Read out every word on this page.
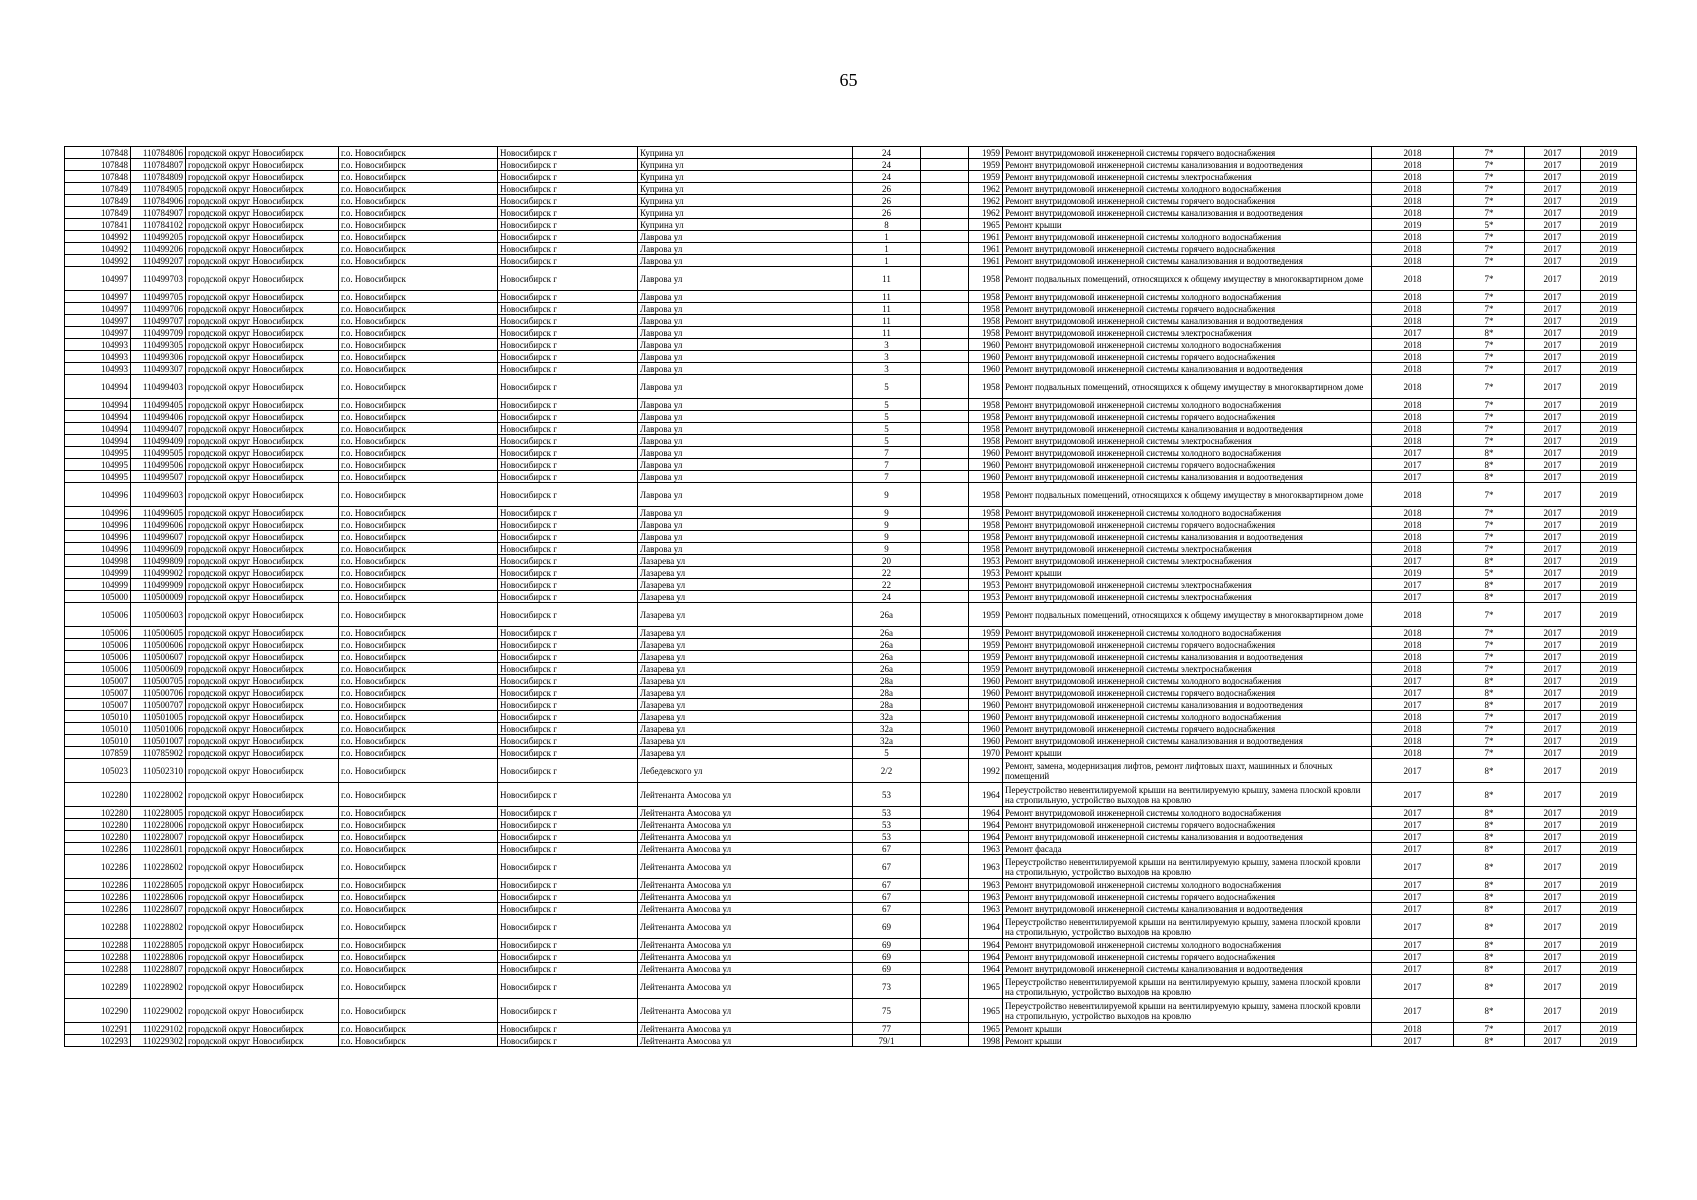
65
107848	110784806	городской округ Новосибирск	г.о. Новосибирск	Новосибирск г	Куприна ул	24		1959	Ремонт внутридомовой инженерной системы горячего водоснабжения	2018	7*	2017	2019
107848	110784807	городской округ Новосибирск	г.о. Новосибирск	Новосибирск г	Куприна ул	24		1959	Ремонт внутридомовой инженерной системы канализования и водоотведения	2018	7*	2017	2019
107848	110784809	городской округ Новосибирск	г.о. Новосибирск	Новосибирск г	Куприна ул	24		1959	Ремонт внутридомовой инженерной системы электроснабжения	2018	7*	2017	2019
107849	110784905	городской округ Новосибирск	г.о. Новосибирск	Новосибирск г	Куприна ул	26		1962	Ремонт внутридомовой инженерной системы холодного водоснабжения	2018	7*	2017	2019
107849	110784906	городской округ Новосибирск	г.о. Новосибирск	Новосибирск г	Куприна ул	26		1962	Ремонт внутридомовой инженерной системы горячего водоснабжения	2018	7*	2017	2019
107849	110784907	городской округ Новосибирск	г.о. Новосибирск	Новосибирск г	Куприна ул	26		1962	Ремонт внутридомовой инженерной системы канализования и водоотведения	2018	7*	2017	2019
107841	110784102	городской округ Новосибирск	г.о. Новосибирск	Новосибирск г	Куприна ул	8		1965	Ремонт крыши	2019	5*	2017	2019
104992	110499205	городской округ Новосибирск	г.о. Новосибирск	Новосибирск г	Лаврова ул	1		1961	Ремонт внутридомовой инженерной системы холодного водоснабжения	2018	7*	2017	2019
104992	110499206	городской округ Новосибирск	г.о. Новосибирск	Новосибирск г	Лаврова ул	1		1961	Ремонт внутридомовой инженерной системы горячего водоснабжения	2018	7*	2017	2019
104992	110499207	городской округ Новосибирск	г.о. Новосибирск	Новосибирск г	Лаврова ул	1		1961	Ремонт внутридомовой инженерной системы канализования и водоотведения	2018	7*	2017	2019
104997	110499703	городской округ Новосибирск	г.о. Новосибирск	Новосибирск г	Лаврова ул	11		1958	Ремонт подвальных помещений, относящихся к общему имуществу в многоквартирном доме	2018	7*	2017	2019
104997	110499705	городской округ Новосибирск	г.о. Новосибирск	Новосибирск г	Лаврова ул	11		1958	Ремонт внутридомовой инженерной системы холодного водоснабжения	2018	7*	2017	2019
104997	110499706	городской округ Новосибирск	г.о. Новосибирск	Новосибирск г	Лаврова ул	11		1958	Ремонт внутридомовой инженерной системы горячего водоснабжения	2018	7*	2017	2019
104997	110499707	городской округ Новосибирск	г.о. Новосибирск	Новосибирск г	Лаврова ул	11		1958	Ремонт внутридомовой инженерной системы канализования и водоотведения	2018	7*	2017	2019
104997	110499709	городской округ Новосибирск	г.о. Новосибирск	Новосибирск г	Лаврова ул	11		1958	Ремонт внутридомовой инженерной системы электроснабжения	2017	8*	2017	2019
104993	110499305	городской округ Новосибирск	г.о. Новосибирск	Новосибирск г	Лаврова ул	3		1960	Ремонт внутридомовой инженерной системы холодного водоснабжения	2018	7*	2017	2019
104993	110499306	городской округ Новосибирск	г.о. Новосибирск	Новосибирск г	Лаврова ул	3		1960	Ремонт внутридомовой инженерной системы горячего водоснабжения	2018	7*	2017	2019
104993	110499307	городской округ Новосибирск	г.о. Новосибирск	Новосибирск г	Лаврова ул	3		1960	Ремонт внутридомовой инженерной системы канализования и водоотведения	2018	7*	2017	2019
104994	110499403	городской округ Новосибирск	г.о. Новосибирск	Новосибирск г	Лаврова ул	5		1958	Ремонт подвальных помещений, относящихся к общему имуществу в многоквартирном доме	2018	7*	2017	2019
104994	110499405	городской округ Новосибирск	г.о. Новосибирск	Новосибирск г	Лаврова ул	5		1958	Ремонт внутридомовой инженерной системы холодного водоснабжения	2018	7*	2017	2019
104994	110499406	городской округ Новосибирск	г.о. Новосибирск	Новосибирск г	Лаврова ул	5		1958	Ремонт внутридомовой инженерной системы горячего водоснабжения	2018	7*	2017	2019
104994	110499407	городской округ Новосибирск	г.о. Новосибирск	Новосибирск г	Лаврова ул	5		1958	Ремонт внутридомовой инженерной системы канализования и водоотведения	2018	7*	2017	2019
104994	110499409	городской округ Новосибирск	г.о. Новосибирск	Новосибирск г	Лаврова ул	5		1958	Ремонт внутридомовой инженерной системы электроснабжения	2018	7*	2017	2019
104995	110499505	городской округ Новосибирск	г.о. Новосибирск	Новосибирск г	Лаврова ул	7		1960	Ремонт внутридомовой инженерной системы холодного водоснабжения	2017	8*	2017	2019
104995	110499506	городской округ Новосибирск	г.о. Новосибирск	Новосибирск г	Лаврова ул	7		1960	Ремонт внутридомовой инженерной системы горячего водоснабжения	2017	8*	2017	2019
104995	110499507	городской округ Новосибирск	г.о. Новосибирск	Новосибирск г	Лаврова ул	7		1960	Ремонт внутридомовой инженерной системы канализования и водоотведения	2017	8*	2017	2019
104996	110499603	городской округ Новосибирск	г.о. Новосибирск	Новосибирск г	Лаврова ул	9		1958	Ремонт подвальных помещений, относящихся к общему имуществу в многоквартирном доме	2018	7*	2017	2019
104996	110499605	городской округ Новосибирск	г.о. Новосибирск	Новосибирск г	Лаврова ул	9		1958	Ремонт внутридомовой инженерной системы холодного водоснабжения	2018	7*	2017	2019
104996	110499606	городской округ Новосибирск	г.о. Новосибирск	Новосибирск г	Лаврова ул	9		1958	Ремонт внутридомовой инженерной системы горячего водоснабжения	2018	7*	2017	2019
104996	110499607	городской округ Новосибирск	г.о. Новосибирск	Новосибирск г	Лаврова ул	9		1958	Ремонт внутридомовой инженерной системы канализования и водоотведения	2018	7*	2017	2019
104996	110499609	городской округ Новосибирск	г.о. Новосибирск	Новосибирск г	Лаврова ул	9		1958	Ремонт внутридомовой инженерной системы электроснабжения	2018	7*	2017	2019
104998	110499809	городской округ Новосибирск	г.о. Новосибирск	Новосибирск г	Лазарева ул	20		1953	Ремонт внутридомовой инженерной системы электроснабжения	2017	8*	2017	2019
104999	110499902	городской округ Новосибирск	г.о. Новосибирск	Новосибирск г	Лазарева ул	22		1953	Ремонт крыши	2019	5*	2017	2019
104999	110499909	городской округ Новосибирск	г.о. Новосибирск	Новосибирск г	Лазарева ул	22		1953	Ремонт внутридомовой инженерной системы электроснабжения	2017	8*	2017	2019
105000	110500009	городской округ Новосибирск	г.о. Новосибирск	Новосибирск г	Лазарева ул	24		1953	Ремонт внутридомовой инженерной системы электроснабжения	2017	8*	2017	2019
105006	110500603	городской округ Новосибирск	г.о. Новосибирск	Новосибирск г	Лазарева ул	26а		1959	Ремонт подвальных помещений, относящихся к общему имуществу в многоквартирном доме	2018	7*	2017	2019
105006	110500605	городской округ Новосибирск	г.о. Новосибирск	Новосибирск г	Лазарева ул	26а		1959	Ремонт внутридомовой инженерной системы холодного водоснабжения	2018	7*	2017	2019
105006	110500606	городской округ Новосибирск	г.о. Новосибирск	Новосибирск г	Лазарева ул	26а		1959	Ремонт внутридомовой инженерной системы горячего водоснабжения	2018	7*	2017	2019
105006	110500607	городской округ Новосибирск	г.о. Новосибирск	Новосибирск г	Лазарева ул	26а		1959	Ремонт внутридомовой инженерной системы канализования и водоотведения	2018	7*	2017	2019
105006	110500609	городской округ Новосибирск	г.о. Новосибирск	Новосибирск г	Лазарева ул	26а		1959	Ремонт внутридомовой инженерной системы электроснабжения	2018	7*	2017	2019
105007	110500705	городской округ Новосибирск	г.о. Новосибирск	Новосибирск г	Лазарева ул	28а		1960	Ремонт внутридомовой инженерной системы холодного водоснабжения	2017	8*	2017	2019
105007	110500706	городской округ Новосибирск	г.о. Новосибирск	Новосибирск г	Лазарева ул	28а		1960	Ремонт внутридомовой инженерной системы горячего водоснабжения	2017	8*	2017	2019
105007	110500707	городской округ Новосибирск	г.о. Новосибирск	Новосибирск г	Лазарева ул	28а		1960	Ремонт внутридомовой инженерной системы канализования и водоотведения	2017	8*	2017	2019
105010	110501005	городской округ Новосибирск	г.о. Новосибирск	Новосибирск г	Лазарева ул	32а		1960	Ремонт внутридомовой инженерной системы холодного водоснабжения	2018	7*	2017	2019
105010	110501006	городской округ Новосибирск	г.о. Новосибирск	Новосибирск г	Лазарева ул	32а		1960	Ремонт внутридомовой инженерной системы горячего водоснабжения	2018	7*	2017	2019
105010	110501007	городской округ Новосибирск	г.о. Новосибирск	Новосибирск г	Лазарева ул	32а		1960	Ремонт внутридомовой инженерной системы канализования и водоотведения	2018	7*	2017	2019
107859	110785902	городской округ Новосибирск	г.о. Новосибирск	Новосибирск г	Лазарева ул	5		1970	Ремонт крыши	2018	7*	2017	2019
105023	110502310	городской округ Новосибирск	г.о. Новосибирск	Новосибирск г	Лебедевского ул	2/2		1992	Ремонт, замена, модернизация лифтов, ремонт лифтовых шахт, машинных и блочных помещений	2017	8*	2017	2019
102280	110228002	городской округ Новосибирск	г.о. Новосибирск	Новосибирск г	Лейтенанта Амосова ул	53		1964	Переустройство невентилируемой крыши на вентилируемую крышу, замена плоской кровли на стропильную, устройство выходов на кровлю	2017	8*	2017	2019
102280	110228005	городской округ Новосибирск	г.о. Новосибирск	Новосибирск г	Лейтенанта Амосова ул	53		1964	Ремонт внутридомовой инженерной системы холодного водоснабжения	2017	8*	2017	2019
102280	110228006	городской округ Новосибирск	г.о. Новосибирск	Новосибирск г	Лейтенанта Амосова ул	53		1964	Ремонт внутридомовой инженерной системы горячего водоснабжения	2017	8*	2017	2019
102280	110228007	городской округ Новосибирск	г.о. Новосибирск	Новосибирск г	Лейтенанта Амосова ул	53		1964	Ремонт внутридомовой инженерной системы канализования и водоотведения	2017	8*	2017	2019
102286	110228601	городской округ Новосибирск	г.о. Новосибирск	Новосибирск г	Лейтенанта Амосова ул	67		1963	Ремонт фасада	2017	8*	2017	2019
102286	110228602	городской округ Новосибирск	г.о. Новосибирск	Новосибирск г	Лейтенанта Амосова ул	67		1963	Переустройство невентилируемой крыши на вентилируемую крышу, замена плоской кровли на стропильную, устройство выходов на кровлю	2017	8*	2017	2019
102286	110228605	городской округ Новосибирск	г.о. Новосибирск	Новосибирск г	Лейтенанта Амосова ул	67		1963	Ремонт внутридомовой инженерной системы холодного водоснабжения	2017	8*	2017	2019
102286	110228606	городской округ Новосибирск	г.о. Новосибирск	Новосибирск г	Лейтенанта Амосова ул	67		1963	Ремонт внутридомовой инженерной системы горячего водоснабжения	2017	8*	2017	2019
102286	110228607	городской округ Новосибирск	г.о. Новосибирск	Новосибирск г	Лейтенанта Амосова ул	67		1963	Ремонт внутридомовой инженерной системы канализования и водоотведения	2017	8*	2017	2019
102288	110228802	городской округ Новосибирск	г.о. Новосибирск	Новосибирск г	Лейтенанта Амосова ул	69		1964	Переустройство невентилируемой крыши на вентилируемую крышу, замена плоской кровли на стропильную, устройство выходов на кровлю	2017	8*	2017	2019
102288	110228805	городской округ Новосибирск	г.о. Новосибирск	Новосибирск г	Лейтенанта Амосова ул	69		1964	Ремонт внутридомовой инженерной системы холодного водоснабжения	2017	8*	2017	2019
102288	110228806	городской округ Новосибирск	г.о. Новосибирск	Новосибирск г	Лейтенанта Амосова ул	69		1964	Ремонт внутридомовой инженерной системы горячего водоснабжения	2017	8*	2017	2019
102288	110228807	городской округ Новосибирск	г.о. Новосибирск	Новосибирск г	Лейтенанта Амосова ул	69		1964	Ремонт внутридомовой инженерной системы канализования и водоотведения	2017	8*	2017	2019
102289	110228902	городской округ Новосибирск	г.о. Новосибирск	Новосибирск г	Лейтенанта Амосова ул	73		1965	Переустройство невентилируемой крыши на вентилируемую крышу, замена плоской кровли на стропильную, устройство выходов на кровлю	2017	8*	2017	2019
102290	110229002	городской округ Новосибирск	г.о. Новосибирск	Новосибирск г	Лейтенанта Амосова ул	75		1965	Переустройство невентилируемой крыши на вентилируемую крышу, замена плоской кровли на стропильную, устройство выходов на кровлю	2017	8*	2017	2019
102291	110229102	городской округ Новосибирск	г.о. Новосибирск	Новосибирск г	Лейтенанта Амосова ул	77		1965	Ремонт крыши	2018	7*	2017	2019
102293	110229302	городской округ Новосибирск	г.о. Новосибирск	Новосибирск г	Лейтенанта Амосова ул	79/1		1998	Ремонт крыши	2017	8*	2017	2019
